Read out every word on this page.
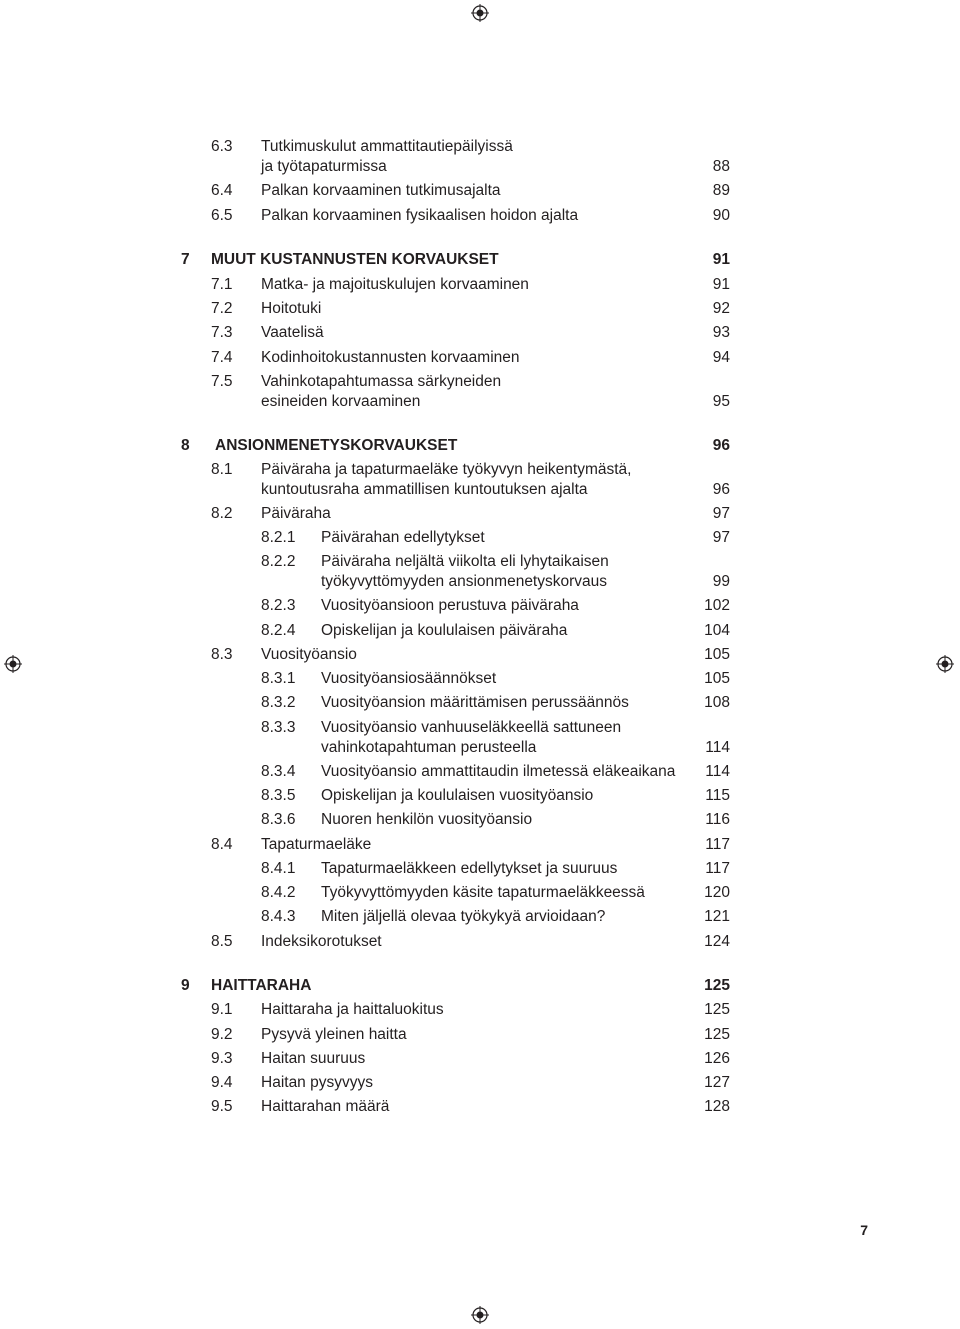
6.3 Tutkimuskulut ammattitautiepäilyissä
ja työtapaturmissa	88
6.4 Palkan korvaaminen tutkimusajalta	89
6.5 Palkan korvaaminen fysikaalisen hoidon ajalta	90
7 MUUT KUSTANNUSTEN KORVAUKSET	91
7.1 Matka- ja majoituskulujen korvaaminen	91
7.2 Hoitotuki	92
7.3 Vaatelisä	93
7.4 Kodinhoitokustannusten korvaaminen	94
7.5 Vahinkotapahtumassa särkyneiden
esineiden korvaaminen	95
8 ANSIONMENETYSKORVAUKSET	96
8.1 Päiväraha ja tapaturmaeläke työkyvyn heikentymästä,
kuntoutusraha ammatillisen kuntoutuksen ajalta	96
8.2 Päiväraha	97
8.2.1 Päivärahan edellytykset	97
8.2.2 Päiväraha neljältä viikolta eli lyhytaikaisen
työkyvyttömyyden ansionmenetyskorvaus	99
8.2.3 Vuosityöansioon perustuva päiväraha	102
8.2.4 Opiskelijan ja koululaisen päiväraha	104
8.3 Vuosityöansio	105
8.3.1 Vuosityöansiosäännökset	105
8.3.2 Vuosityöansion määrittämisen perussäännös	108
8.3.3 Vuosityöansio vanhuuseläkkeellä sattuneen
vahinkotapahtuman perusteella	114
8.3.4 Vuosityöansio ammattitaudin ilmetessä eläkeaikana	114
8.3.5 Opiskelijan ja koululaisen vuosityöansio	115
8.3.6 Nuoren henkilön vuosityöansio	116
8.4 Tapaturmaeläke	117
8.4.1 Tapaturmaeläkkeen edellytykset ja suuruus	117
8.4.2 Työkyvyttömyyden käsite tapaturmaeläkkeessä	120
8.4.3 Miten jäljellä olevaa työkykyä arvioidaan?	121
8.5 Indeksikorotukset	124
9 HAITTARAHA	125
9.1 Haittaraha ja haittaluokitus	125
9.2 Pysyvä yleinen haitta	125
9.3 Haitan suuruus	126
9.4 Haitan pysyvyys	127
9.5 Haittarahan määrä	128
7
